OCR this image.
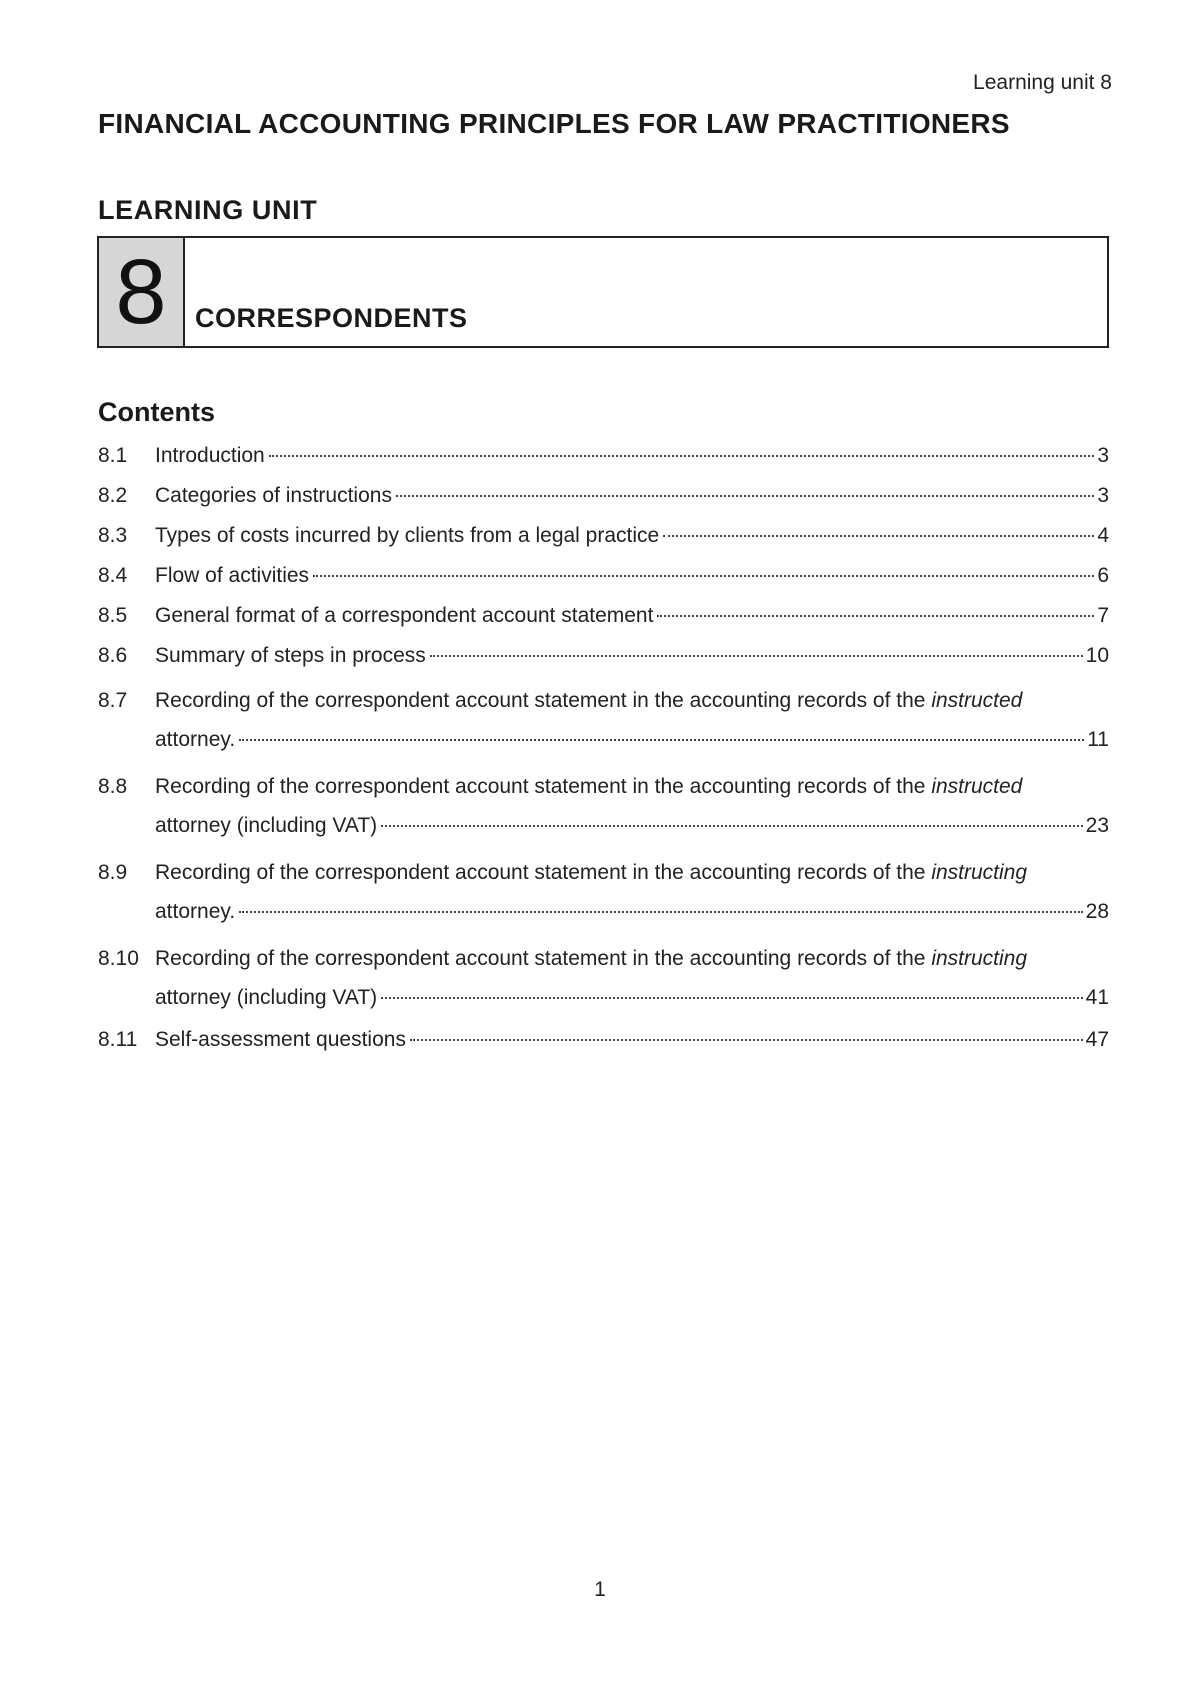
Learning unit 8
FINANCIAL ACCOUNTING PRINCIPLES FOR LAW PRACTITIONERS
LEARNING UNIT
8	CORRESPONDENTS
Contents
8.1	Introduction	3
8.2	Categories of instructions	3
8.3	Types of costs incurred by clients from a legal practice	4
8.4	Flow of activities	6
8.5	General format of a correspondent account statement	7
8.6	Summary of steps in process	10
8.7	Recording of the correspondent account statement in the accounting records of the instructed
attorney.	11
8.8	Recording of the correspondent account statement in the accounting records of the instructed
attorney (including VAT)	23
8.9	Recording of the correspondent account statement in the accounting records of the instructing
attorney.	28
8.10 Recording of the correspondent account statement in the accounting records of the instructing
attorney (including VAT)	41
8.11 Self-assessment questions	47
1
